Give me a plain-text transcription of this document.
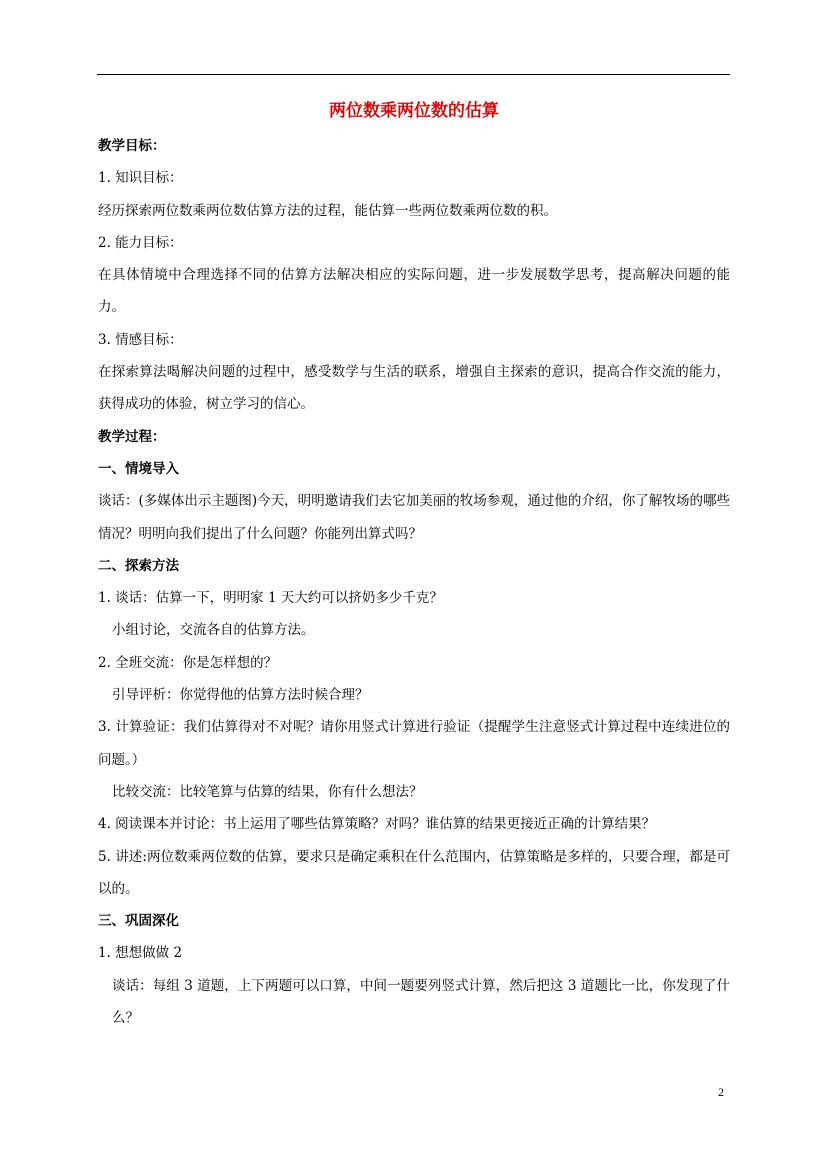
两位数乘两位数的估算

教学目标：

1. 知识目标：

经历探索两位数乘两位数估算方法的过程，能估算一些两位数乘两位数的积。

2. 能力目标：

在具体情境中合理选择不同的估算方法解决相应的实际问题，进一步发展数学思考，提高解决问题的能力。

3. 情感目标：

在探索算法喝解决问题的过程中，感受数学与生活的联系，增强自主探索的意识，提高合作交流的能力，获得成功的体验，树立学习的信心。

教学过程：

一、情境导入

谈话：(多媒体出示主题图)今天，明明邀请我们去它加美丽的牧场参观，通过他的介绍，你了解牧场的哪些情况？明明向我们提出了什么问题？你能列出算式吗？

二、探索方法

1. 谈话：估算一下，明明家 1 天大约可以挤奶多少千克？

小组讨论，交流各自的估算方法。

2. 全班交流：你是怎样想的？

引导评析：你觉得他的估算方法时候合理？

3. 计算验证：我们估算得对不对呢？请你用竖式计算进行验证（提醒学生注意竖式计算过程中连续进位的问题。）

比较交流：比较笔算与估算的结果，你有什么想法？

4. 阅读课本并讨论：书上运用了哪些估算策略？对吗？谁估算的结果更接近正确的计算结果？

5. 讲述:两位数乘两位数的估算，要求只是确定乘积在什么范围内，估算策略是多样的，只要合理，都是可以的。

三、巩固深化

1. 想想做做 2

谈话：每组 3 道题，上下两题可以口算，中间一题要列竖式计算，然后把这 3 道题比一比，你发现了什么？

2
